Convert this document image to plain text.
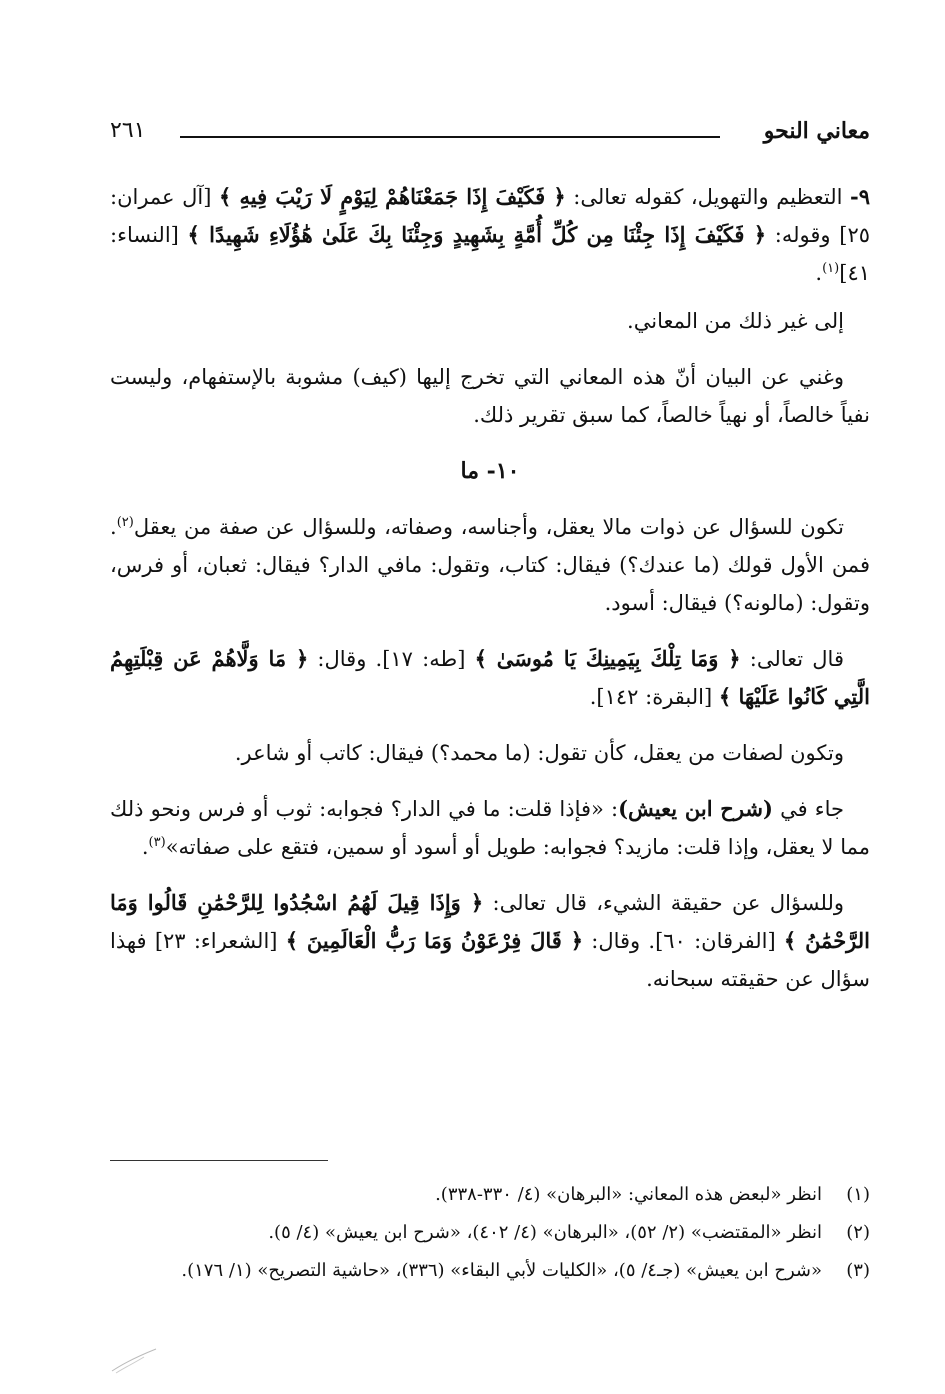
معاني النحو
٢٦١

٩- التعظيم والتهويل، كقوله تعالى: ﴿ فَكَيْفَ إِذَا جَمَعْنَاهُمْ لِيَوْمٍ لَا رَيْبَ فِيهِ ﴾ [آل عمران: ٢٥] وقوله: ﴿ فَكَيْفَ إِذَا جِئْنَا مِن كُلِّ أُمَّةٍ بِشَهِيدٍ وَجِئْنَا بِكَ عَلَىٰ هَٰؤُلَاءِ شَهِيدًا ﴾ [النساء: ٤١]$^{(١)}$.

إلى غير ذلك من المعاني.

وغني عن البيان أنّ هذه المعاني التي تخرج إليها (كيف) مشوبة بالإستفهام، وليست نفياً خالصاً، أو نهياً خالصاً، كما سبق تقرير ذلك.

١٠- ما

تكون للسؤال عن ذوات مالا يعقل، وأجناسه، وصفاته، وللسؤال عن صفة من يعقل$^{(٢)}$. فمن الأول قولك (ما عندك؟) فيقال: كتاب، وتقول: مافي الدار؟ فيقال: ثعبان، أو فرس، وتقول: (مالونه؟) فيقال: أسود.

قال تعالى: ﴿ وَمَا تِلْكَ بِيَمِينِكَ يَا مُوسَىٰ ﴾ [طه: ١٧]. وقال: ﴿ مَا وَلَّاهُمْ عَن قِبْلَتِهِمُ الَّتِي كَانُوا عَلَيْهَا ﴾ [البقرة: ١٤٢].

وتكون لصفات من يعقل، كأن تقول: (ما محمد؟) فيقال: كاتب أو شاعر.

جاء في (شرح ابن يعيش): «فإذا قلت: ما في الدار؟ فجوابه: ثوب أو فرس ونحو ذلك مما لا يعقل، وإذا قلت: مازيد؟ فجوابه: طويل أو أسود أو سمين، فتقع على صفاته»$^{(٣)}$.

وللسؤال عن حقيقة الشيء، قال تعالى: ﴿ وَإِذَا قِيلَ لَهُمُ اسْجُدُوا لِلرَّحْمَٰنِ قَالُوا وَمَا الرَّحْمَٰنُ ﴾ [الفرقان: ٦٠]. وقال: ﴿ قَالَ فِرْعَوْنُ وَمَا رَبُّ الْعَالَمِينَ ﴾ [الشعراء: ٢٣] فهذا سؤال عن حقيقته سبحانه.

(١)
انظر «لبعض هذه المعاني: «البرهان» (٤/ ٣٣٠-٣٣٨).
(٢)
انظر «المقتضب» (٢/ ٥٢)، «البرهان» (٤/ ٤٠٢)، «شرح ابن يعيش» (٤/ ٥).
(٣)
«شرح ابن يعيش» (جـ٤/ ٥)، «الكليات لأبي البقاء» (٣٣٦)، «حاشية التصريح» (١/ ١٧٦).
